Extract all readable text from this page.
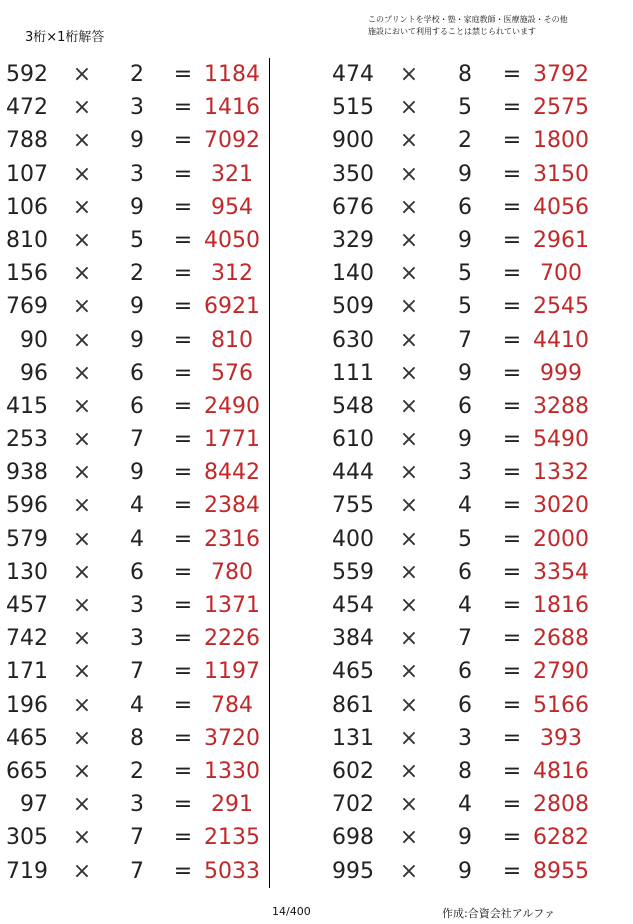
3桁×1桁解答
このプリントを学校・塾・家庭教師・医療施設・その他
施設において利用することは禁じられています
592 × 2 = 1184
472 × 3 = 1416
788 × 9 = 7092
107 × 3 = 321
106 × 9 = 954
810 × 5 = 4050
156 × 2 = 312
769 × 9 = 6921
90 × 9 = 810
96 × 6 = 576
415 × 6 = 2490
253 × 7 = 1771
938 × 9 = 8442
596 × 4 = 2384
579 × 4 = 2316
130 × 6 = 780
457 × 3 = 1371
742 × 3 = 2226
171 × 7 = 1197
196 × 4 = 784
465 × 8 = 3720
665 × 2 = 1330
97 × 3 = 291
305 × 7 = 2135
719 × 7 = 5033
474 × 8 = 3792
515 × 5 = 2575
900 × 2 = 1800
350 × 9 = 3150
676 × 6 = 4056
329 × 9 = 2961
140 × 5 = 700
509 × 5 = 2545
630 × 7 = 4410
111 × 9 = 999
548 × 6 = 3288
610 × 9 = 5490
444 × 3 = 1332
755 × 4 = 3020
400 × 5 = 2000
559 × 6 = 3354
454 × 4 = 1816
384 × 7 = 2688
465 × 6 = 2790
861 × 6 = 5166
131 × 3 = 393
602 × 8 = 4816
702 × 4 = 2808
698 × 9 = 6282
995 × 9 = 8955
14/400	作成:合資会社アルファ
